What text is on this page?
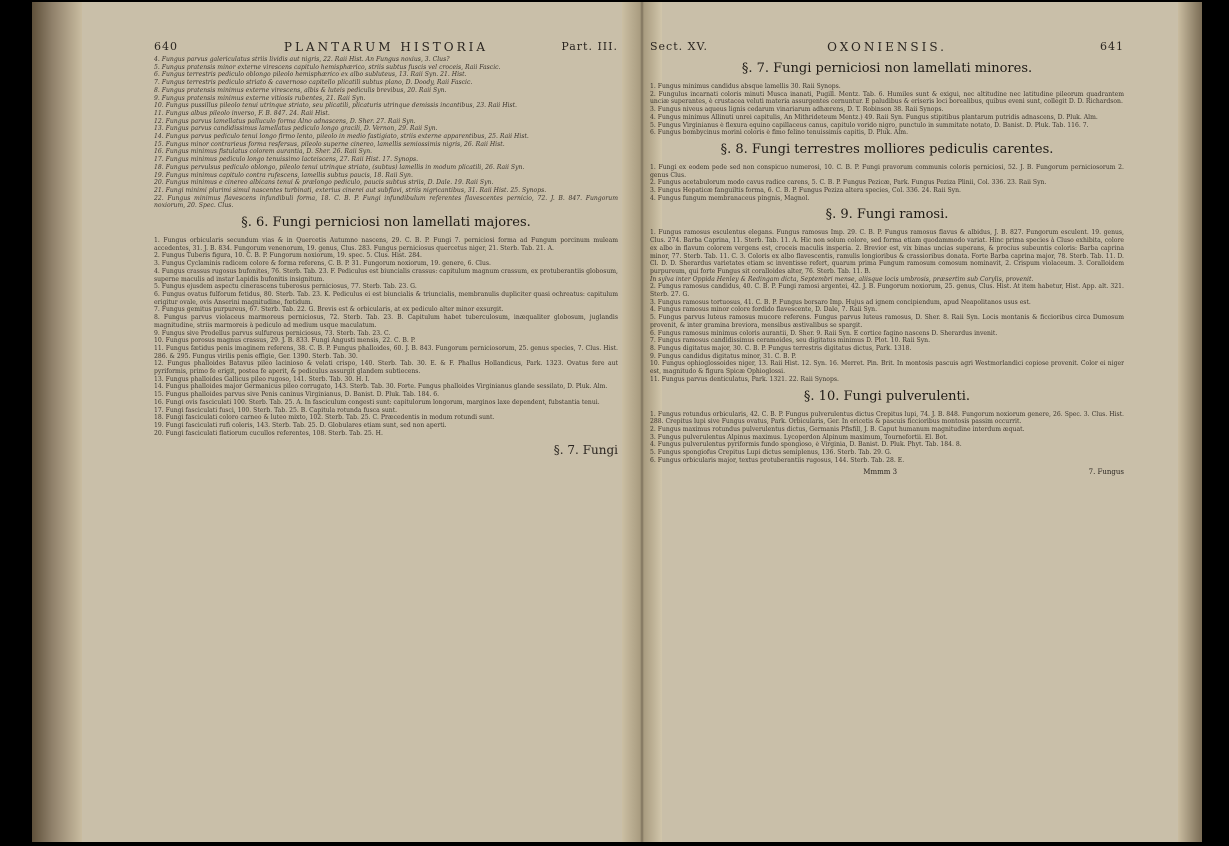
640	PLANTARUM HISTORIA	Part. III.

4. Fungus parvus galericulatus striis lividis aut nigris, 22. Raii Hist. An Fungus noxius, 3. Clus?

5. Fungus pratensis minor externe virescens capitulo hemisphærico, striis subtus fuscis vel croceis, Raii Fascic.

6. Fungus terrestris pediculo oblongo pileolo hemisphærico ex albo subluteus, 13. Raii Syn. 21. Hist.

7. Fungus terrestris pediculo striato & cavernoso capitello plicatili subtus plano, D. Doody, Raii Fascic.

8. Fungus pratensis minimus externe virescens, albis & luteis pediculis brevibus, 20. Raii Syn.

9. Fungus pratensis minimus externe vitiosis rubentes, 21. Raii Syn.

10. Fungus pussillus pileolo tenui utrinque striato, seu plicatili, plicaturis utrinque demissis incantibus, 23. Raii Hist.

11. Fungus albus pileolo inverso, F. B. 847. 24. Raii Hist.

12. Fungus parvus lamellatus palluculo forma Alno adnascens, D. Sher. 27. Raii Syn.

13. Fungus parvus candidissimus lamellatus pediculo longo gracili, D. Vernon, 29. Raii Syn.

14. Fungus parvus pediculo tenui longo firmo lento, pileolo in medio fastigiato, striis externe apparentibus, 25. Raii Hist.

15. Fungus minor contrarieus forma resfersus, pileolo superne cinereo, lamellis semiossimis nigris, 26. Raii Hist.

16. Fungus minimus fistulatus colorem aurantia, D. Sher. 26. Raii Syn.

17. Fungus minimus pediculo longo tenuissimo lacteiscens, 27. Raii Hist. 17. Synops.

18. Fungus pervulsus pediculo oblongo, pileolo tenui utrinque striato, (subtus) lamellis in modum plicatili, 26. Raii Syn.

19. Fungus minimus capitulo contra rufescens, lamellis subtus paucis, 18. Raii Syn.

20. Fungus minimus e cinereo albicans tenui & prælongo pediculo, paucis subtus striis, D. Dale. 19. Raii Syn.

21. Fungi minimi plurimi simul nascentes turbinati, exterius cinerei aut subflavi, striis nigricantibus, 31. Raii Hist. 25. Synops.

22. Fungus minimus flavescens infundibuli forma, 18. C. B. P. Fungi infundibulum referentes flavescentes pernicio, 72. J. B. 847. Fungorum noxiorum, 20. Spec. Clus.

§. 6. Fungi perniciosi non lamellati majores.

1. Fungus orbicularis secundum vias & in Quercetis Autumno nascens, 29. C. B. P. Fungi 7. perniciosi forma ad Fungum porcinum muleam accedentes, 31. J. B. 834. Fungorum venenorum, 19. genus, Clus. 283. Fungus perniciosus quercetus niger, 21. Sterb. Tab. 21. A.

2. Fungus Tuberis figura, 10. C. B. P. Fungorum noxiorum, 19. spec. 5. Clus. Hist. 284.

3. Fungus Cyclaminis radicem colore & forma referens, C. B. P. 31. Fungorum noxiorum, 19. genere, 6. Clus.

4. Fungus crassus rugosus bufonites, 76. Sterb. Tab. 23. F. Pediculus est biuncialis crassus: capitulum magnum crassum, ex protuberantiis globosum, superne maculis ad instar Lapidis bufonitis insignitum.

5. Fungus ejusdem aspectu cinerascens tuberosus perniciosus, 77. Sterb. Tab. 23. G.

6. Fungus ovatus fulforum fetidus, 80. Sterb. Tab. 23. K. Pediculus ei est biuncialis & triuncialis, membranulis dupliciter quasi ochreatus: capitulum erigitur ovale, ovis Anserini magnitudine, fœtidum.

7. Fungus gemitus purpureus, 67. Sterb. Tab. 22. G. Brevis est & orbicularis, at ex pediculo alter minor exsurgit.

8. Fungus parvus violaceus marmoreus perniciosus, 72. Sterb. Tab. 23. B. Capitulum habet tuberculosum, inæqualiter globosum, juglandis magnitudine, striis marmoreis à pediculo ad medium usque maculatum.

9. Fungus sive Prodellus parvus sulfureus perniciosus, 73. Sterb. Tab. 23. C.

10. Fungus porosus magnus crassus, 29. J. B. 833. Fungi Angusti mensis, 22. C. B. P.

11. Fungus fætidus penis imaginem referens, 38. C. B. P. Fungus phalloides, 60. J. B. 843. Fungorum perniciosorum, 25. genus species, 7. Clus. Hist. 286. & 295. Fungus virilis penis effigie, Ger. 1390. Sterb. Tab. 30.

12. Fungus phalloides Batavus pileo lacinioso & velati crispo, 140. Sterb. Tab. 30. E. & F. Phallus Hollandicus, Park. 1323. Ovatus fere aut pyriformis, primo fe erigit, postea fe aperit, & pediculus assurgit glandem subtiecens.

13. Fungus phalloides Gallicus pileo rugoso, 141. Sterb. Tab. 30. H. I.

14. Fungus phalloides major Germanicus pileo corrugato, 143. Sterb. Tab. 30. Forte. Fungus phalloides Virginianus glande sessilato, D. Pluk. Alm.

15. Fungus phalloides parvus sive Penis caninus Virginianus, D. Banist. D. Pluk. Tab. 184. 6.

16. Fungi ovis fasciculati 100. Sterb. Tab. 25. A. In fasciculum congesti sunt: capitulorum longorum, marginos laxe dependent, fubstantia tenui.

17. Fungi fasciculati fusci, 100. Sterb. Tab. 25. B. Capitula rotunda fusca sunt.

18. Fungi fasciculati coloro carneo & luteo mixto, 102. Sterb. Tab. 25. C. Præcedentis in modum rotundi sunt.

19. Fungi fasciculati rufi coleris, 143. Sterb. Tab. 25. D. Globulares etiam sunt, sed non aperti.

20. Fungi fasciculati flatiorum cucullos referentes, 108. Sterb. Tab. 25. H.

§. 7. Fungi
Sect. XV.	OXONIENSIS.	641
§. 7. Fungi perniciosi non lamellati minores.

1. Fungus minimus candidus absque lamellis 30. Raii Synops.

2. Fungulus incarnati coloris minuti Musca inanati, Pugill. Mentz. Tab. 6. Humiles sunt & exigui, nec altitudine nec latitudine pileorum quadrantem unciæ superantes, è crustacea veluti materia assurgentes cernuntur. E paludibus & eriseris loci borealibus, quibus eveni sunt, collegit D. D. Richardson.

3. Fungus niveus aqueus lignis cedarum vinariarum adhærens, D. T. Robinson 38. Raii Synops.

4. Fungus minimus Allinuti unrei capitulis, An Mithrideteum Mentz.) 49. Raii Syn. Fungus stipitibus plantarum putridis adnascens, D. Pluk. Alm.

5. Fungus Virginianus è flexura equino capillaceus canus, capitulo vorido nigro, punctulo in summitate notato, D. Banist. D. Pluk. Tab. 116. 7.

6. Fungus bombycinus morini coloris è fimo felino tenuissimis capitis, D. Pluk. Alm.

§. 8. Fungi terrestres molliores pediculis carentes.

1. Fungi ex eodem pede sed non conspicuo numerosi, 10. C. B. P. Fungi pravorum communis coloris perniciosi, 52. J. B. Fungorum perniciosorum 2. genus Clus.

2. Fungus acetabulorum modo cavus radice carens, 5. C. B. P. Fungus Pezicæ, Park. Fungus Peziza Plinii, Col. 336. 23. Raii Syn.

3. Fungus Hepaticæ fanguiltis forma, 6. C. B. P. Fungus Peziza altera species, Col. 336. 24. Raii Syn.

4. Fungus fungum membranaceus pingnis, Magnol.

§. 9. Fungi ramosi.

1. Fungus ramosus esculentus elegans. Fungus ramosus Imp. 29. C. B. P. Fungus ramosus flavus & albidus, J. B. 827. Fungorum esculent. 19. genus, Clus. 274. Barba Caprina, 11. Sterb. Tab. 11. A. Hic non solum colore, sed forma etiam quodammodo variat. Hinc prima species à Cluso exhibita, colore ex albo in flavum colorem vergens est, croceis maculis insperia. 2. Brevior est, vix binas uncias superans, & procius subeuntis coloris: Barba caprina minor, 77. Sterb. Tab. 11. C. 3. Coloris ex albo flavescentis, ramulis longioribus & crassioribus donata. Forte Barba caprina major, 78. Sterb. Tab. 11. D. Cl. D. D. Sherardus varietates etiam sc inventisse refert, quarum prima Fungum ramosum comosum nominavit, 2. Crispum violaceum. 3. Coralloidem purpureum, qui forte Fungus sit coralloides alter, 76. Sterb. Tab. 11. B.

In sylva inter Oppida Henley & Redingam dicta, Septembri mense, aliisque locis umbrosis, præsertim sub Corylis, provenit.

2. Fungus ramosus candidus, 40. C. B. P. Fungi ramosi argentei, 42. J. B. Fungorum noxiorum, 25. genus, Clus. Hist. At item habetur, Hist. App. alt. 321. Sterb. 27. G.

3. Fungus ramosus tortuosus, 41. C. B. P. Fungus borsaro Imp. Hujus ad ignem concipiendum, apud Neapolitanos usus est.

4. Fungus ramosus minor colore fordido flavescente, D. Dale, 7. Raii Syn.

5. Fungus parvus luteus ramosus mucore referens. Fungus parvus luteus ramosus, D. Sher. 8. Raii Syn. Locis montanis & ficcioribus circa Dumosum provenit, & inter gramina breviora, mensibus æstivalibus se spargit.

6. Fungus ramosus minimus coloris aurantii, D. Sher. 9. Raii Syn. E cortice fagino nascens D. Sherardus invenit.

7. Fungus ramosus candidissimus ceramoides, seu digitatus minimus D. Plot. 10. Raii Syn.

8. Fungus digitatus major, 30. C. B. P. Fungus terrestris digitatus dictus, Park. 1318.

9. Fungus candidus digitatus minor, 31. C. B. P.

10. Fungus ophioglossoides niger, 13. Raii Hist. 12. Syn. 16. Merret. Pin. Brit. In montosis pascuis agri Westmorlandici copiose provenit. Color ei niger est, magnitudo & figura Spicæ Ophioglossi.

11. Fungus parvus denticulatus, Park. 1321. 22. Raii Synops.

§. 10. Fungi pulverulenti.

1. Fungus rotundus orbicularis, 42. C. B. P. Fungus pulverulentus dictus Crepitus lupi, 74. J. B. 848. Fungorum noxiorum genere, 26. Spec. 3. Clus. Hist. 288. Crepitus lupi sive Fungus ovatus, Park. Orbicularis, Ger. In ericetis & pascuis ficcioribus montosis passim occurrit.

2. Fungus maximus rotundus pulverulentus dictus, Germanis Pfisfill, J. B. Caput humanum magnitudine interdum æquat.

3. Fungus pulverulentus Alpinus maximus. Lycoperdon Alpinum maximum, Tournefortii. El. Bot.

4. Fungus pulverulentus pyriformis fundo spongioso, è Virginia, D. Banist. D. Pluk. Phyt. Tab. 184. 8.

5. Fungus spongiofus Crepitus Lupi dictus semiplenus, 136. Sterb. Tab. 29. G.

6. Fungus orbicularis major, textus protuberantiis rugosus, 144. Sterb. Tab. 28. E.

Mmmm 3	7. Fungus
